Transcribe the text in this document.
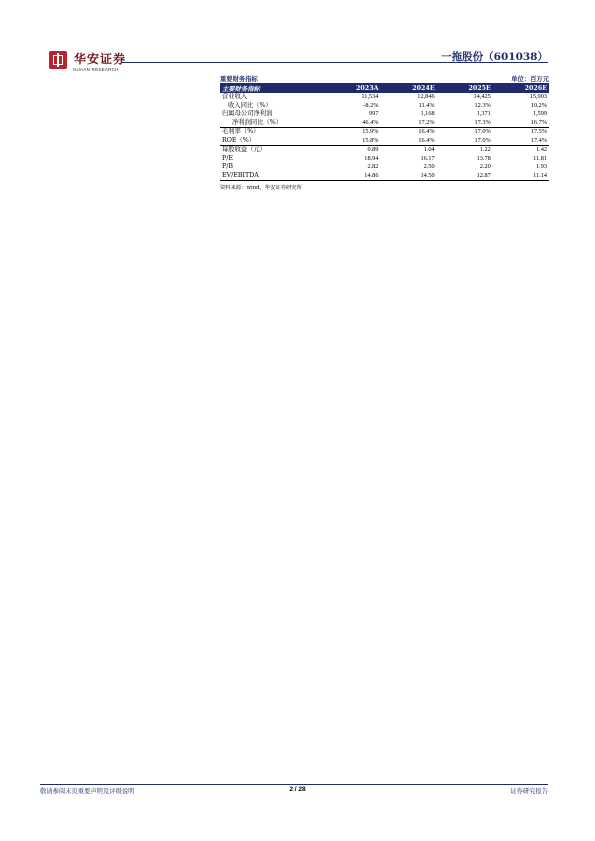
华安证券
HUAAN RESEARCH
一拖股份（601038）
重要财务指标	单位：百万元
主要财务指标	2023A	2024E	2025E	2026E
营业收入	11,534	12,846	14,425	15,903
收入同比（%）	-8.2%	11.4%	12.3%	10.2%
归属母公司净利润	997	1,168	1,371	1,599
净利润同比（%）	46.4%	17.2%	17.3%	16.7%
毛利率（%）	15.9%	16.4%	17.0%	17.5%
ROE（%）	15.8%	16.4%	17.0%	17.4%
每股收益（元）	0.89	1.04	1.22	1.42
P/E	18.94	16.17	13.78	11.81
P/B	2.82	2.50	2.20	1.93
EV/EBITDA	14.86	14.50	12.87	11.14
资料来源：wind，华安证券研究所
敬请参阅末页重要声明及评级说明	2 / 28	证券研究报告
